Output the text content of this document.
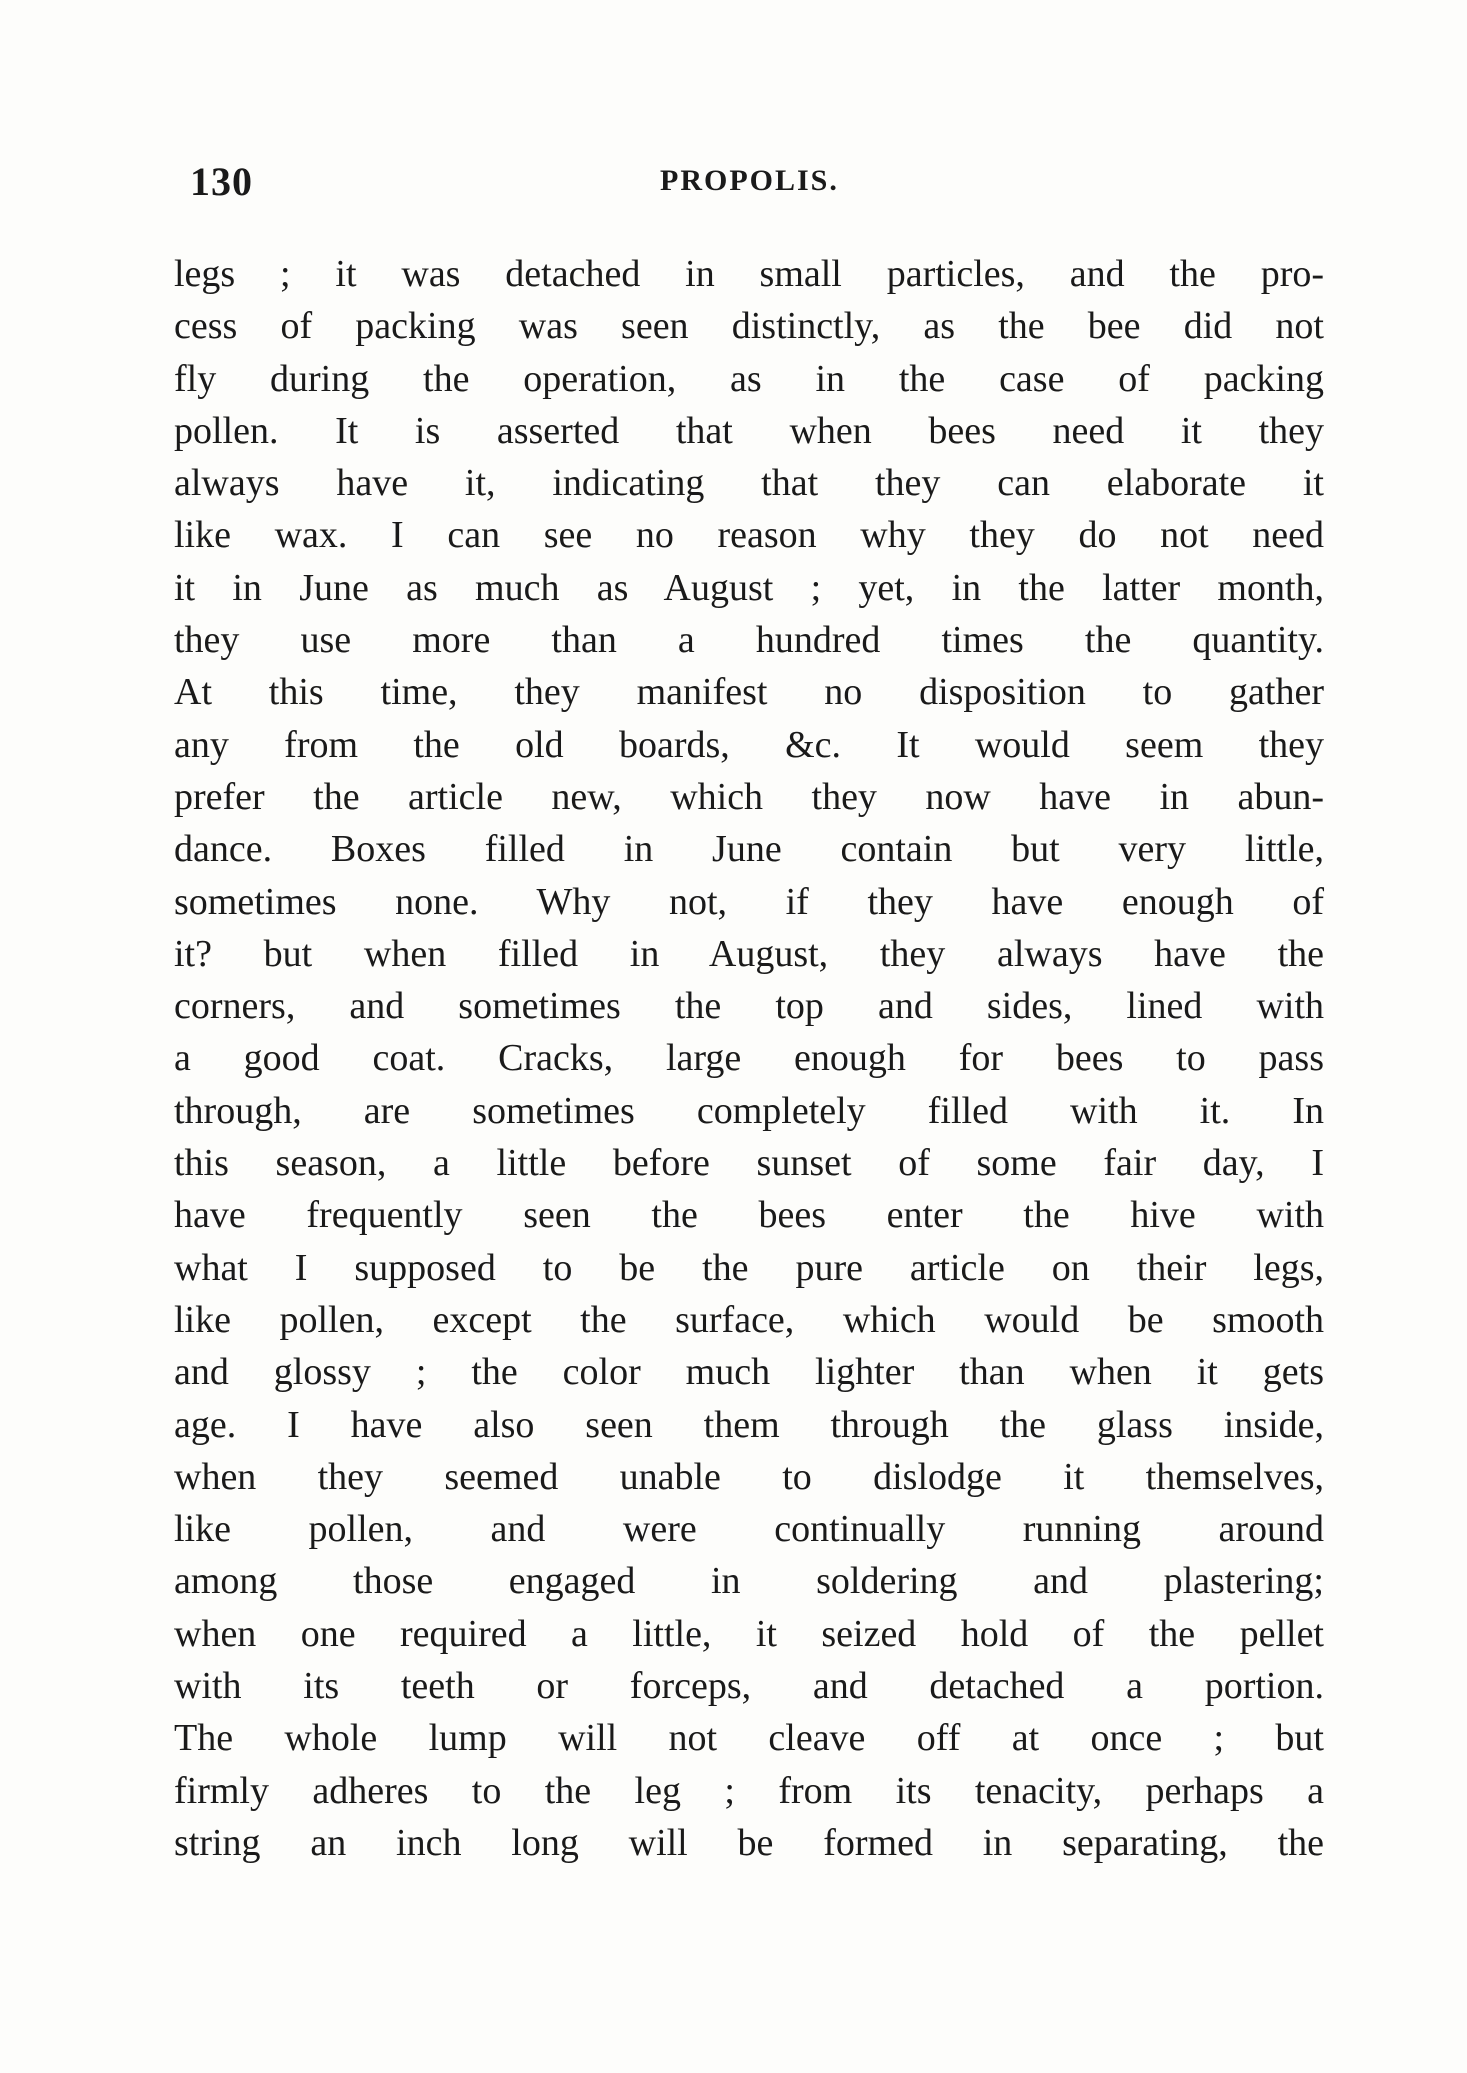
130	PROPOLIS.
legs ; it was detached in small particles, and the pro-
cess of packing was seen distinctly, as the bee did not
fly during the operation, as in the case of packing
pollen. It is asserted that when bees need it they
always have it, indicating that they can elaborate it
like wax. I can see no reason why they do not need
it in June as much as August ; yet, in the latter month,
they use more than a hundred times the quantity.
At this time, they manifest no disposition to gather
any from the old boards, &c. It would seem they
prefer the article new, which they now have in abun-
dance. Boxes filled in June contain but very little,
sometimes none. Why not, if they have enough of
it? but when filled in August, they always have the
corners, and sometimes the top and sides, lined with
a good coat. Cracks, large enough for bees to pass
through, are sometimes completely filled with it. In
this season, a little before sunset of some fair day, I
have frequently seen the bees enter the hive with
what I supposed to be the pure article on their legs,
like pollen, except the surface, which would be smooth
and glossy ; the color much lighter than when it gets
age. I have also seen them through the glass inside,
when they seemed unable to dislodge it themselves,
like pollen, and were continually running around
among those engaged in soldering and plastering;
when one required a little, it seized hold of the pellet
with its teeth or forceps, and detached a portion.
The whole lump will not cleave off at once ; but
firmly adheres to the leg ; from its tenacity, perhaps a
string an inch long will be formed in separating, the
